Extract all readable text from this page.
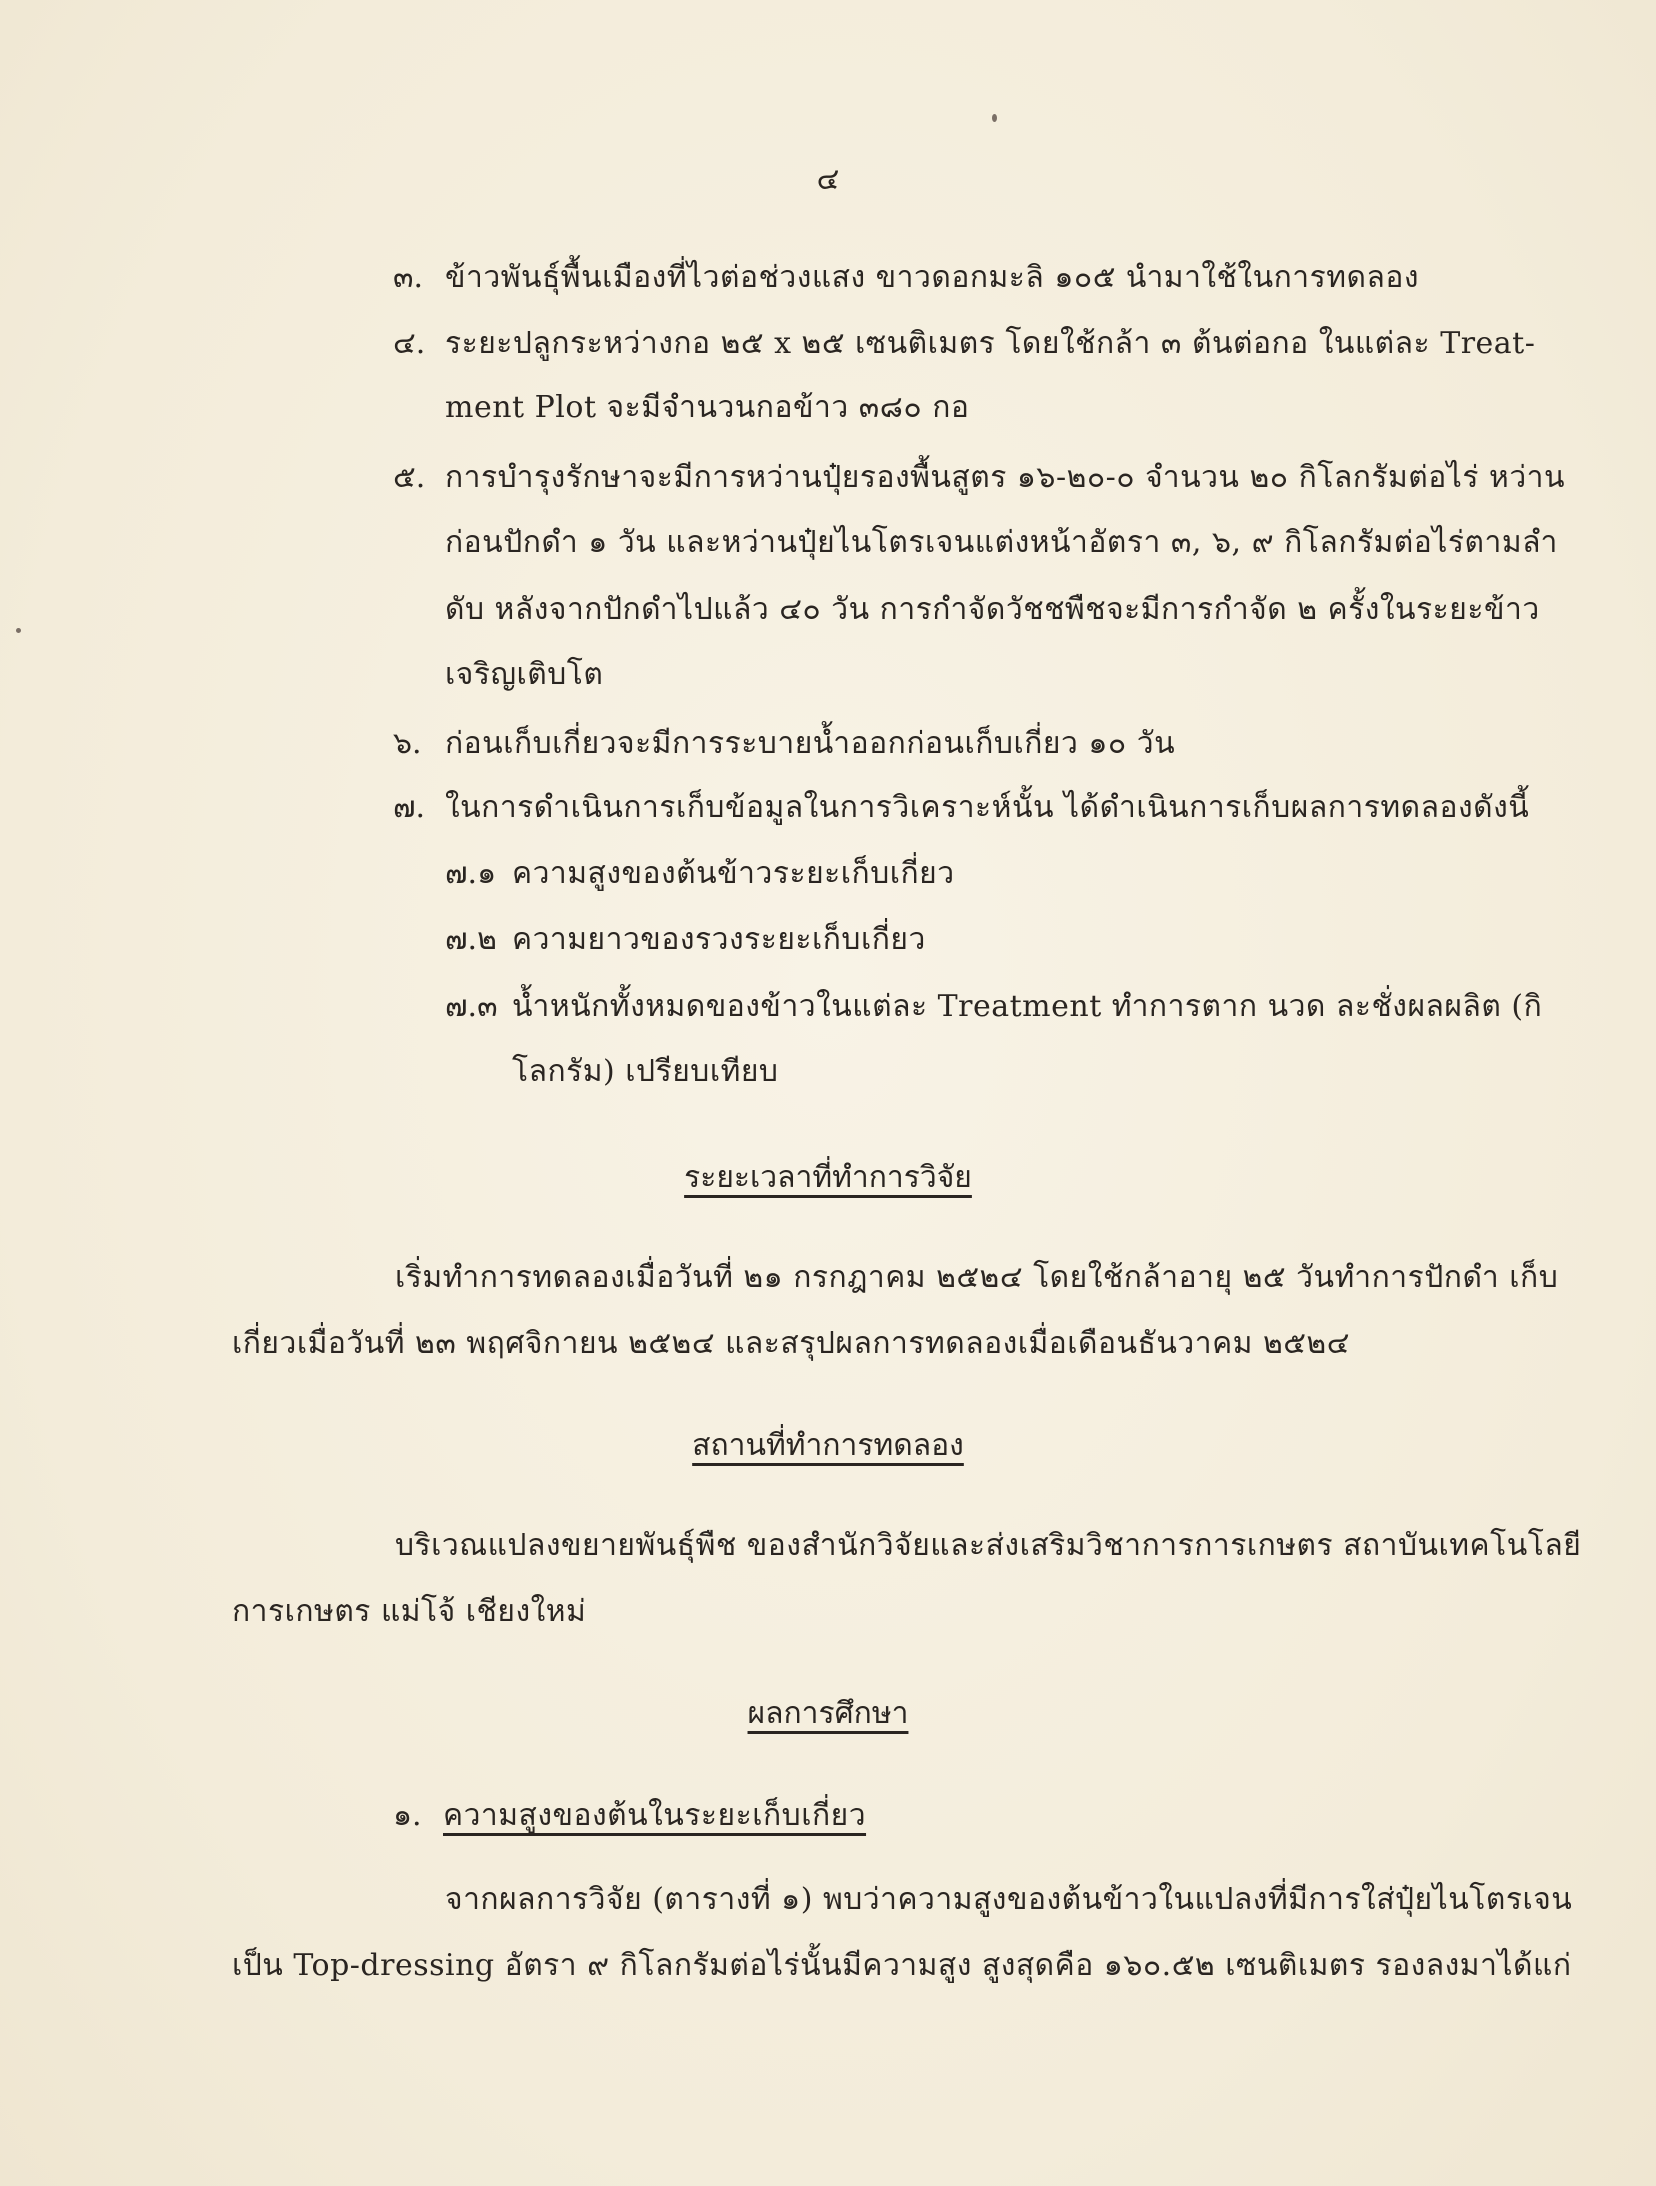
๔
๓. ข้าวพันธุ์พื้นเมืองที่ไวต่อช่วงแสง ขาวดอกมะลิ ๑๐๕ นำมาใช้ในการทดลอง
๔. ระยะปลูกระหว่างกอ ๒๕ x ๒๕ เซนติเมตร โดยใช้กล้า ๓ ต้นต่อกอ ในแต่ละ Treat-
ment Plot จะมีจำนวนกอข้าว ๓๘๐ กอ
๕. การบำรุงรักษาจะมีการหว่านปุ๋ยรองพื้นสูตร ๑๖-๒๐-๐ จำนวน ๒๐ กิโลกรัมต่อไร่ หว่าน
ก่อนปักดำ ๑ วัน และหว่านปุ๋ยไนโตรเจนแต่งหน้าอัตรา ๓, ๖, ๙ กิโลกรัมต่อไร่ตามลำ
ดับ หลังจากปักดำไปแล้ว ๔๐ วัน การกำจัดวัชชพืชจะมีการกำจัด ๒ ครั้งในระยะข้าว
เจริญเติบโต
๖. ก่อนเก็บเกี่ยวจะมีการระบายน้ำออกก่อนเก็บเกี่ยว ๑๐ วัน
๗. ในการดำเนินการเก็บข้อมูลในการวิเคราะห์นั้น ได้ดำเนินการเก็บผลการทดลองดังนี้
๗.๑ ความสูงของต้นข้าวระยะเก็บเกี่ยว
๗.๒ ความยาวของรวงระยะเก็บเกี่ยว
๗.๓ น้ำหนักทั้งหมดของข้าวในแต่ละ Treatment ทำการตาก นวด ละชั่งผลผลิต (กิ
โลกรัม) เปรียบเทียบ
ระยะเวลาที่ทำการวิจัย
เริ่มทำการทดลองเมื่อวันที่ ๒๑ กรกฎาคม ๒๕๒๔ โดยใช้กล้าอายุ ๒๕ วันทำการปักดำ เก็บ
เกี่ยวเมื่อวันที่ ๒๓ พฤศจิกายน ๒๕๒๔ และสรุปผลการทดลองเมื่อเดือนธันวาคม ๒๕๒๔
สถานที่ทำการทดลอง
บริเวณแปลงขยายพันธุ์พืช ของสำนักวิจัยและส่งเสริมวิชาการการเกษตร สถาบันเทคโนโลยี
การเกษตร แม่โจ้ เชียงใหม่
ผลการศึกษา
๑. ความสูงของต้นในระยะเก็บเกี่ยว
จากผลการวิจัย (ตารางที่ ๑) พบว่าความสูงของต้นข้าวในแปลงที่มีการใส่ปุ๋ยไนโตรเจน
เป็น Top-dressing อัตรา ๙ กิโลกรัมต่อไร่นั้นมีความสูง สูงสุดคือ ๑๖๐.๕๒ เซนติเมตร รองลงมาได้แก่
